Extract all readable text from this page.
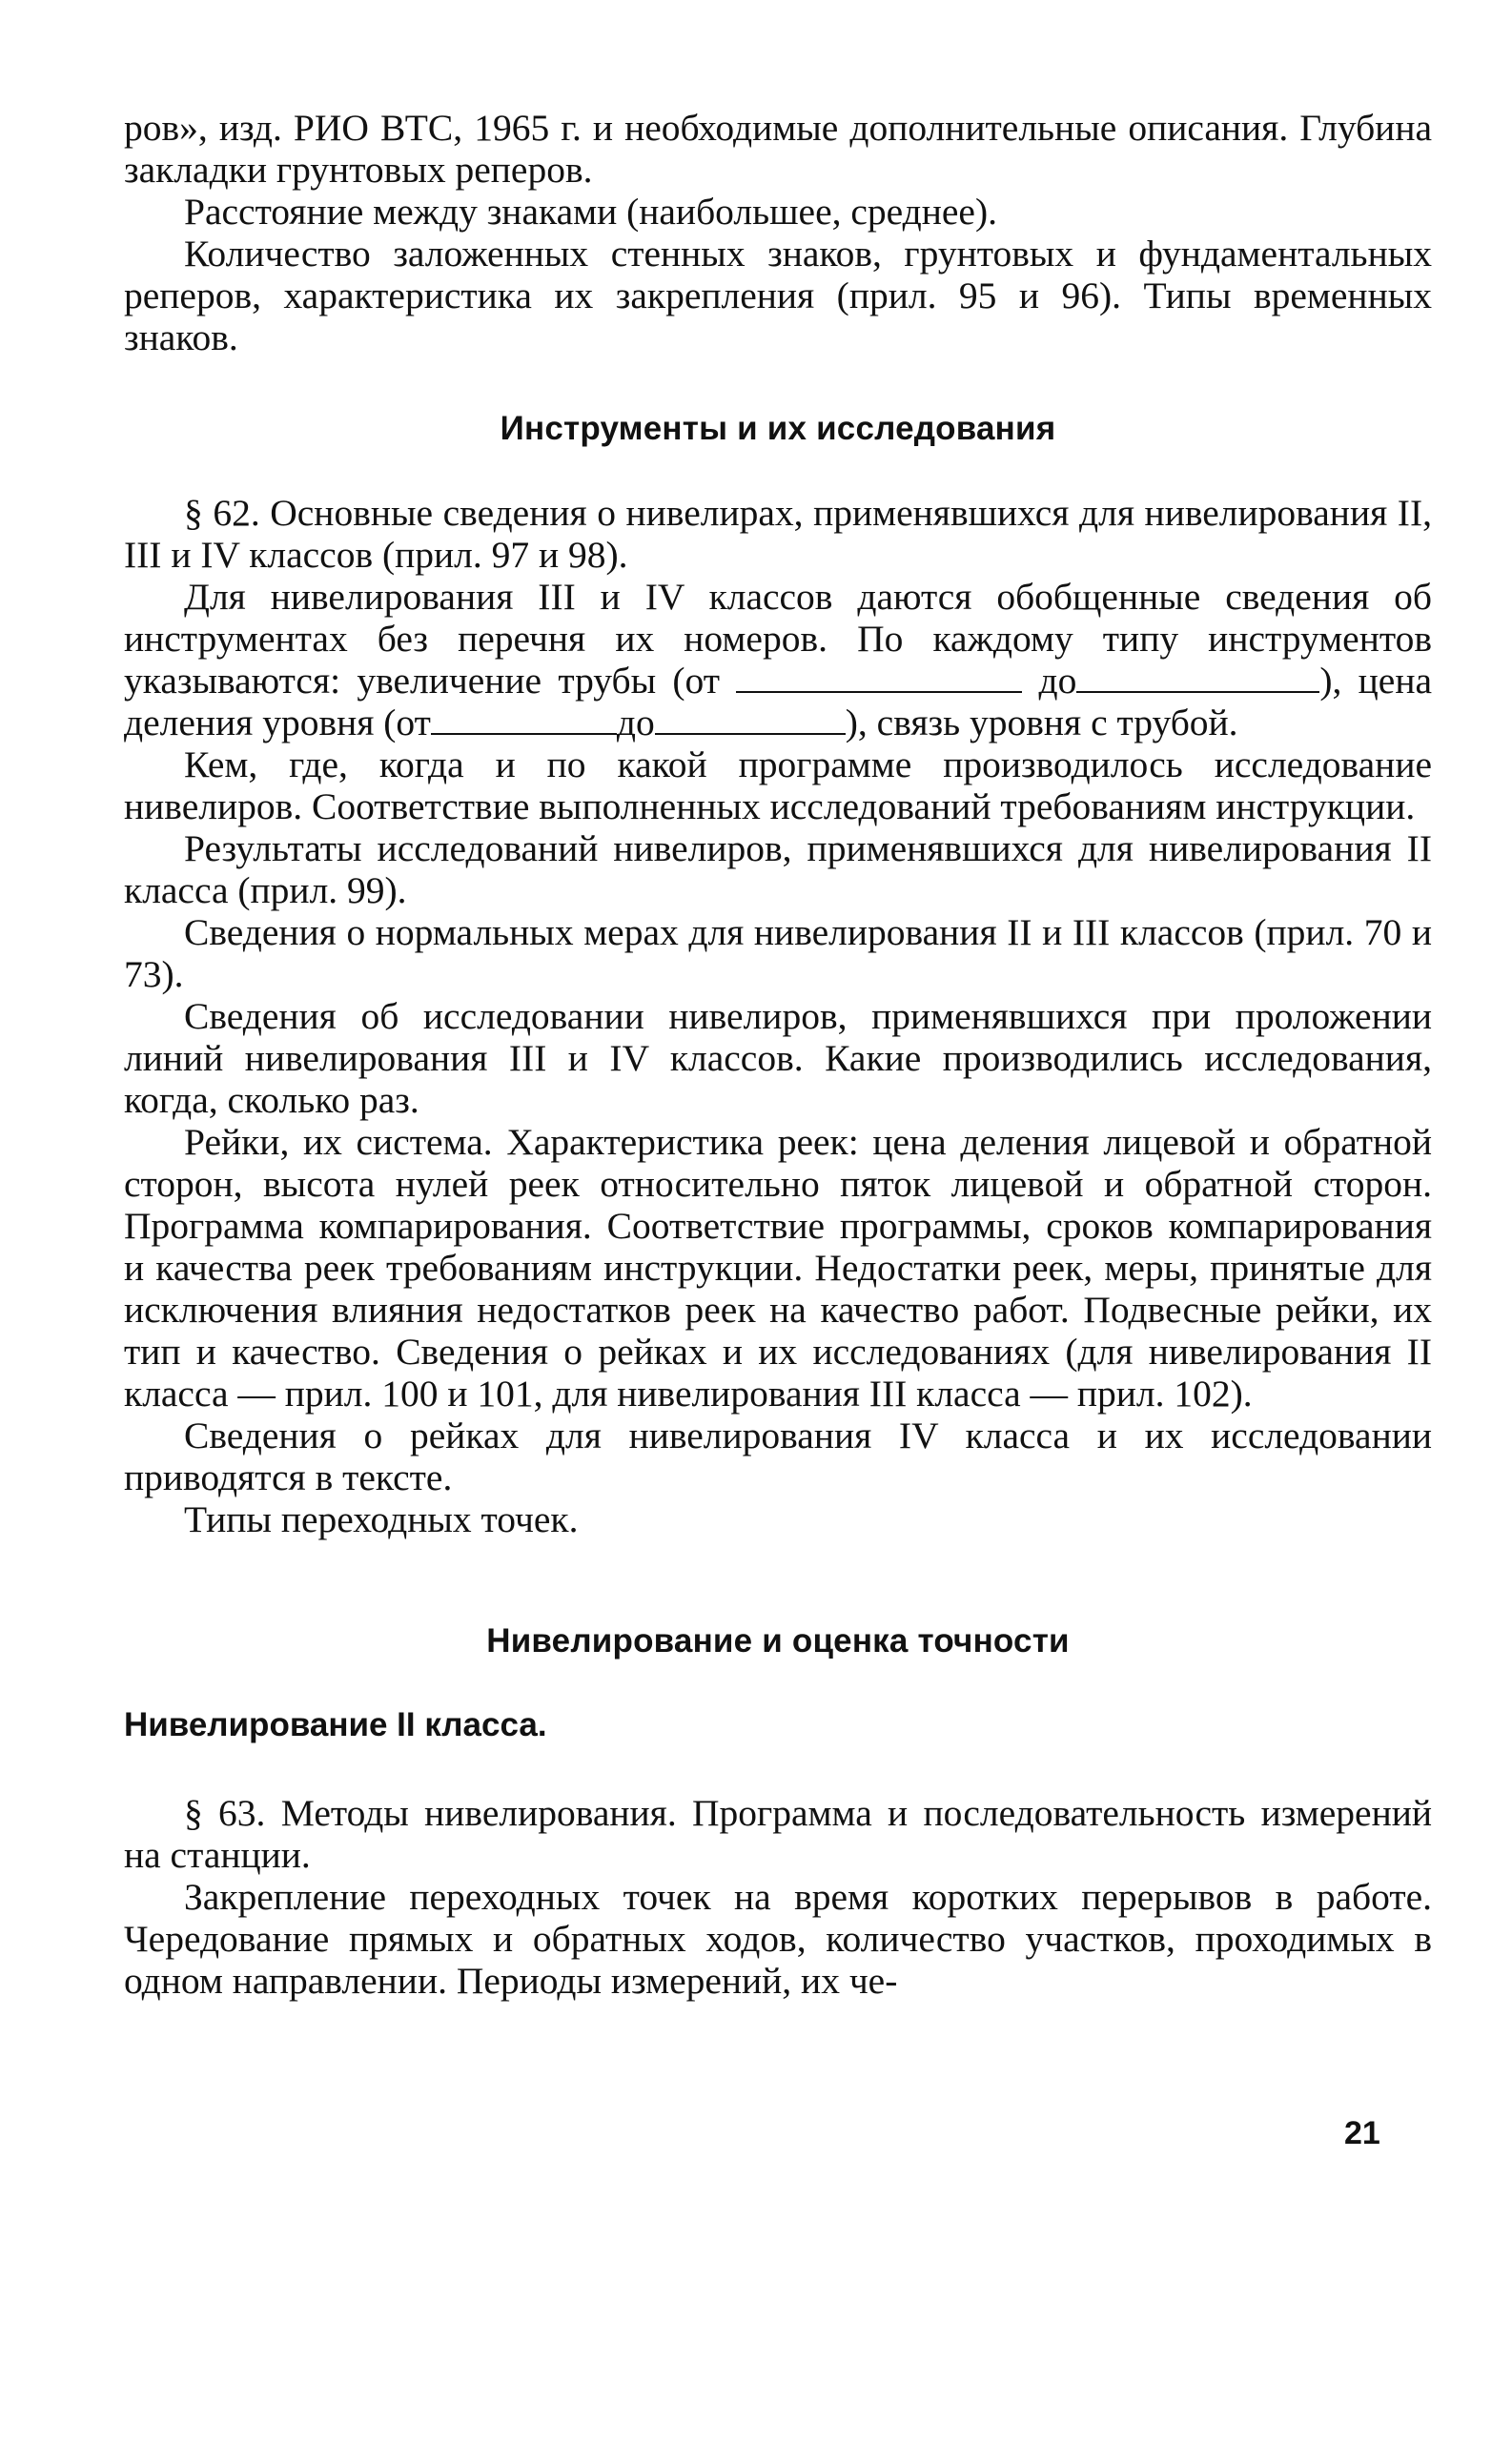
ров», изд. РИО ВТС, 1965 г. и необходимые дополнительные описания. Глубина закладки грунтовых реперов.

Расстояние между знаками (наибольшее, среднее).

Количество заложенных стенных знаков, грунтовых и фундаментальных реперов, характеристика их закрепления (прил. 95 и 96). Типы временных знаков.

Инструменты и их исследования

§ 62. Основные сведения о нивелирах, применявшихся для нивелирования II, III и IV классов (прил. 97 и 98).

Для нивелирования III и IV классов даются обобщенные сведения об инструментах без перечня их номеров. По каждому типу инструментов указываются: увеличение трубы (от	до	), цена деления уровня (от	до	), связь уровня с трубой.

Кем, где, когда и по какой программе производилось исследование нивелиров. Соответствие выполненных исследований требованиям инструкции.

Результаты исследований нивелиров, применявшихся для нивелирования II класса (прил. 99).

Сведения о нормальных мерах для нивелирования II и III классов (прил. 70 и 73).

Сведения об исследовании нивелиров, применявшихся при проложении линий нивелирования III и IV классов. Какие производились исследования, когда, сколько раз.

Рейки, их система. Характеристика реек: цена деления лицевой и обратной сторон, высота нулей реек относительно пяток лицевой и обратной сторон. Программа компарирования. Соответствие программы, сроков компарирования и качества реек требованиям инструкции. Недостатки реек, меры, принятые для исключения влияния недостатков реек на качество работ. Подвесные рейки, их тип и качество. Сведения о рейках и их исследованиях (для нивелирования II класса — прил. 100 и 101, для нивелирования III класса — прил. 102).

Сведения о рейках для нивелирования IV класса и их исследовании приводятся в тексте.

Типы переходных точек.

Нивелирование и оценка точности
Нивелирование II класса.

§ 63. Методы нивелирования. Программа и последовательность измерений на станции.

Закрепление переходных точек на время коротких перерывов в работе. Чередование прямых и обратных ходов, количество участков, проходимых в одном направлении. Периоды измерений, их че-

21
